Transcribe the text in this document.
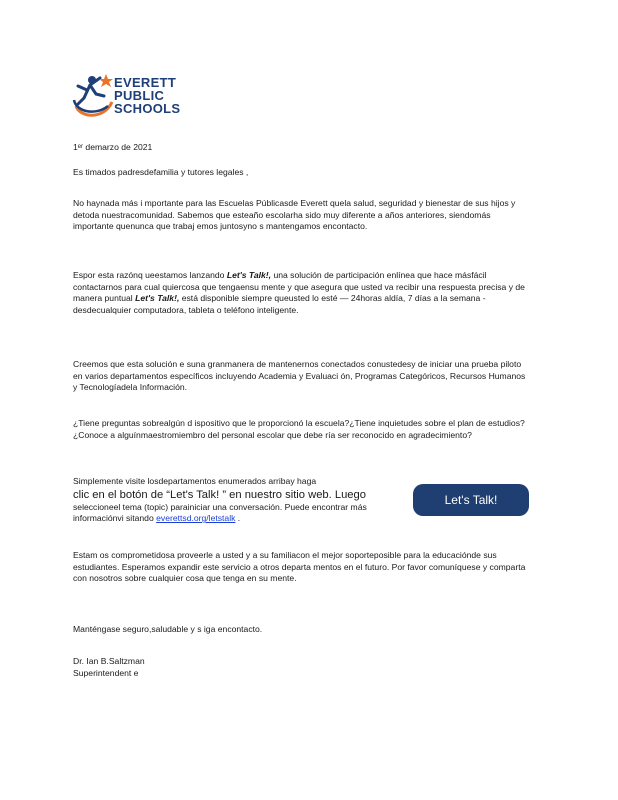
EVERETT
PUBLIC
SCHOOLS
1ᵉʳ demarzo de 2021
Es timados padresdefamilia y tutores legales ,
No haynada más i mportante para las Escuelas Públicasde Everett quela salud, seguridad y bienestar de sus hijos y detoda nuestracomunidad. Sabemos que esteaño escolarha sido muy diferente a años anteriores, siendomás importante quenunca que trabaj emos juntosyno s mantengamos encontacto.
Espor esta razónq ueestamos lanzando Let's Talk!, una solución de participación enlínea que hace másfácil contactarnos para cual quiercosa que tengaensu mente y que asegura que usted va recibir una respuesta precisa y de manera puntual Let's Talk!, está disponible siempre queusted lo esté — 24horas aldía, 7 días a la semana - desdecualquier computadora, tableta o teléfono inteligente.
Creemos que esta solución e suna granmanera de mantenernos conectados conustedesy de iniciar una prueba piloto en varios departamentos específicos incluyendo Academia y Evaluaci ón, Programas Categóricos, Recursos Humanos y Tecnologíadela Información.
¿Tiene preguntas sobrealgún d ispositivo que le proporcionó la escuela?¿Tiene inquietudes sobre el plan de estudios? ¿Conoce a alguínmaestromiembro del personal escolar que debe ría ser reconocido en agradecimiento?
Simplemente visite losdepartamentos enumerados arribay haga
clic en el botón de “Let's Talk! ” en nuestro sitio web. Luego
seleccioneel tema (topic) parainiciar una conversación. Puede encontrar más informaciónvi sitando everettsd.org/letstalk .
Let's Talk!
Estam os comprometidosa proveerle a usted y a su familiacon el mejor soporteposible para la educacióndе sus estudiantes. Esperamos expandir este servicio a otros departa mentos en el futuro. Por favor comuníquese y comparta con nosotros sobre cualquier cosa que tenga en su mente.
Manténgase seguro,saludable y s iga encontacto.
Dr. Ian B.Saltzman
Superintendent e
